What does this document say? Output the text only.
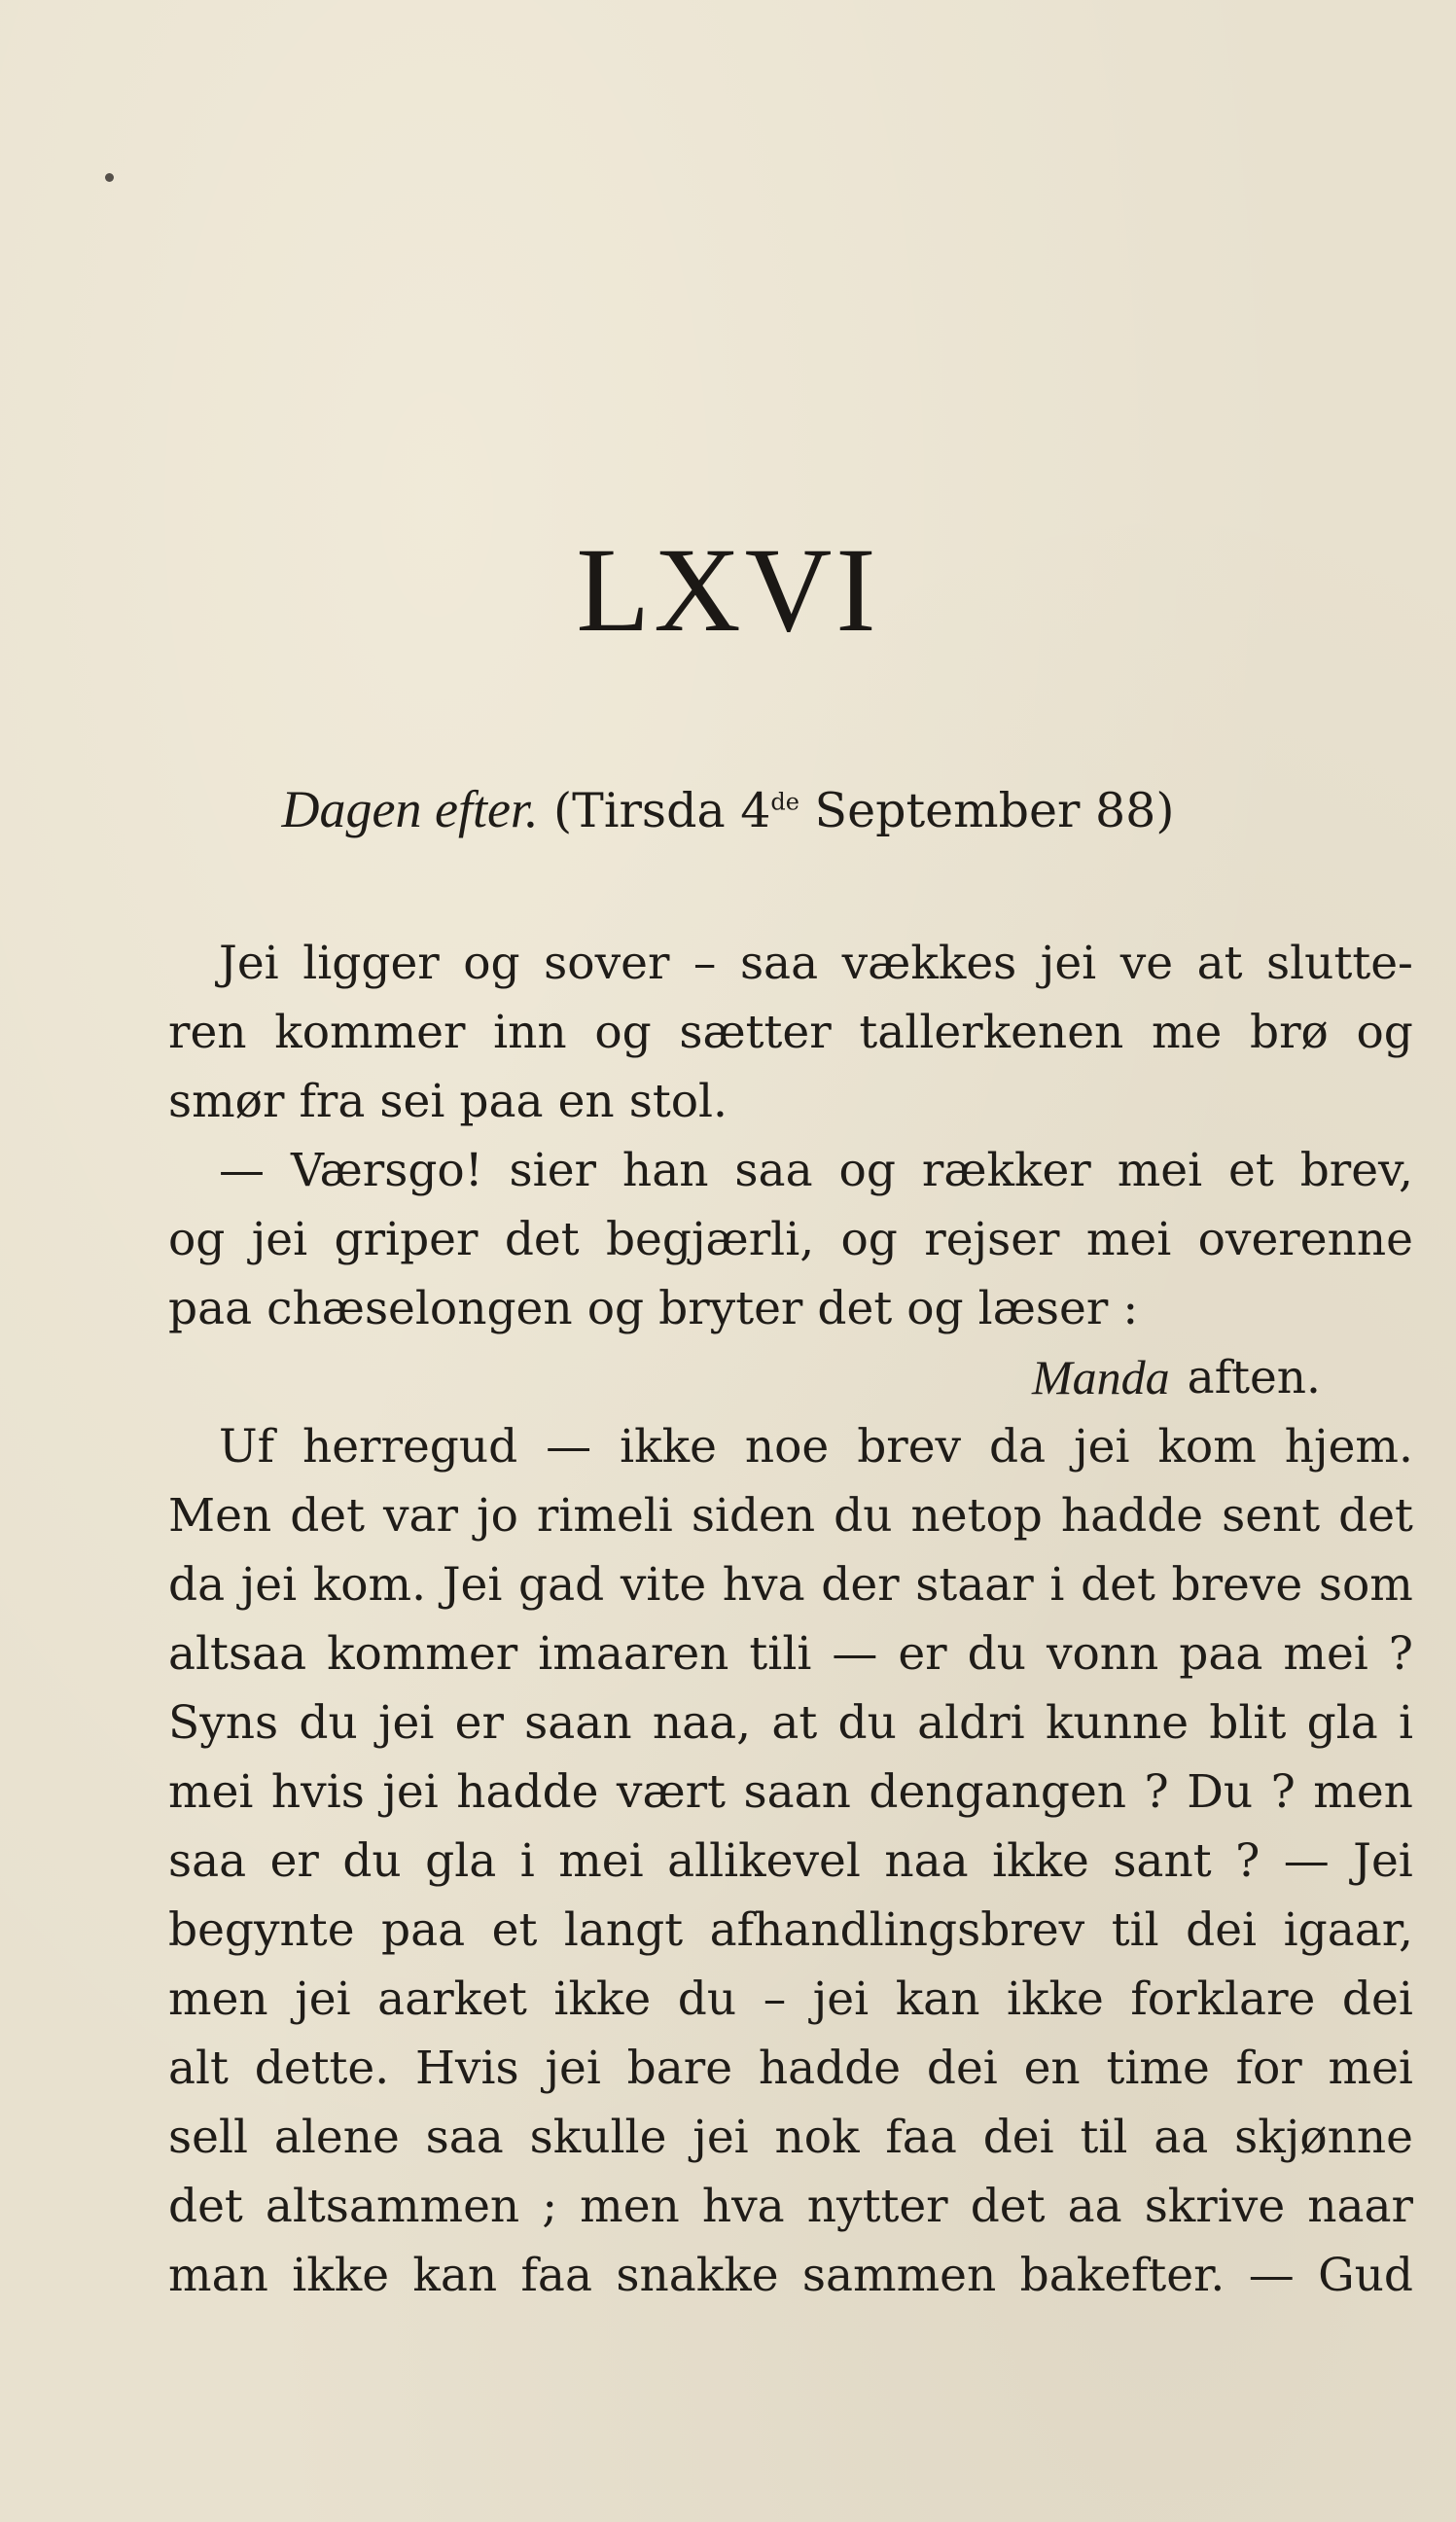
LXVI
Dagen efter. (Tirsda 4de September 88)
Jei ligger og sover – saa vækkes jei ve at slutte-
ren kommer inn og sætter tallerkenen me brø og
smør fra sei paa en stol.
— Værsgo! sier han saa og rækker mei et brev,
og jei griper det begjærli, og rejser mei overenne
paa chæselongen og bryter det og læser :
Manda aften.
Uf herregud — ikke noe brev da jei kom hjem.
Men det var jo rimeli siden du netop hadde sent det
da jei kom. Jei gad vite hva der staar i det breve som
altsaa kommer imaaren tili — er du vonn paa mei ?
Syns du jei er saan naa, at du aldri kunne blit gla i
mei hvis jei hadde vært saan dengangen ? Du ? men
saa er du gla i mei allikevel naa ikke sant ? — Jei
begynte paa et langt afhandlingsbrev til dei igaar,
men jei aarket ikke du – jei kan ikke forklare dei
alt dette. Hvis jei bare hadde dei en time for mei
sell alene saa skulle jei nok faa dei til aa skjønne
det altsammen ; men hva nytter det aa skrive naar
man ikke kan faa snakke sammen bakefter. — Gud
